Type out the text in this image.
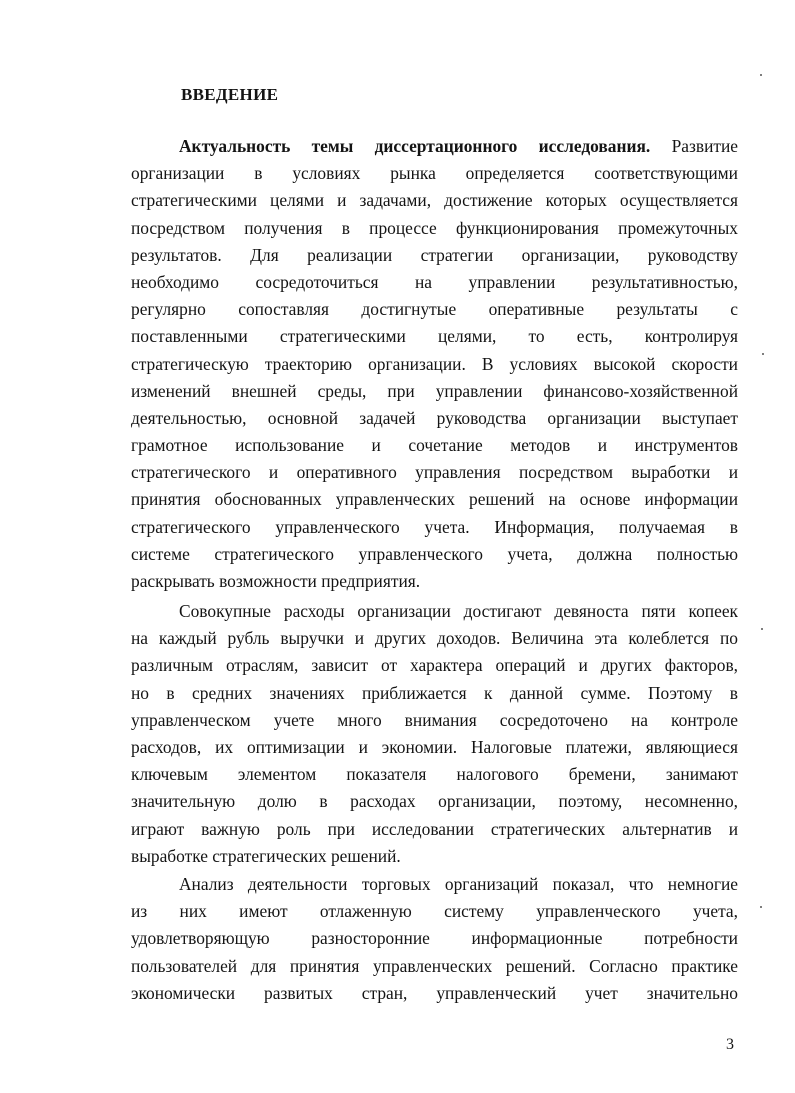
ВВЕДЕНИЕ
Актуальность темы диссертационного исследования. Развитие
организации в условиях рынка определяется соответствующими
стратегическими целями и задачами, достижение которых осуществляется
посредством получения в процессе функционирования промежуточных
результатов. Для реализации стратегии организации, руководству
необходимо сосредоточиться на управлении результативностью,
регулярно сопоставляя достигнутые оперативные результаты с
поставленными стратегическими целями, то есть, контролируя
стратегическую траекторию организации. В условиях высокой скорости
изменений внешней среды, при управлении финансово-хозяйственной
деятельностью, основной задачей руководства организации выступает
грамотное использование и сочетание методов и инструментов
стратегического и оперативного управления посредством выработки и
принятия обоснованных управленческих решений на основе информации
стратегического управленческого учета. Информация, получаемая в
системе стратегического управленческого учета, должна полностью
раскрывать возможности предприятия.
Совокупные расходы организации достигают девяноста пяти копеек
на каждый рубль выручки и других доходов. Величина эта колеблется по
различным отраслям, зависит от характера операций и других факторов,
но в средних значениях приближается к данной сумме. Поэтому в
управленческом учете много внимания сосредоточено на контроле
расходов, их оптимизации и экономии. Налоговые платежи, являющиеся
ключевым элементом показателя налогового бремени, занимают
значительную долю в расходах организации, поэтому, несомненно,
играют важную роль при исследовании стратегических альтернатив и
выработке стратегических решений.
Анализ деятельности торговых организаций показал, что немногие
из них имеют отлаженную систему управленческого учета,
удовлетворяющую разносторонние информационные потребности
пользователей для принятия управленческих решений. Согласно практике
экономически развитых стран, управленческий учет значительно
3
